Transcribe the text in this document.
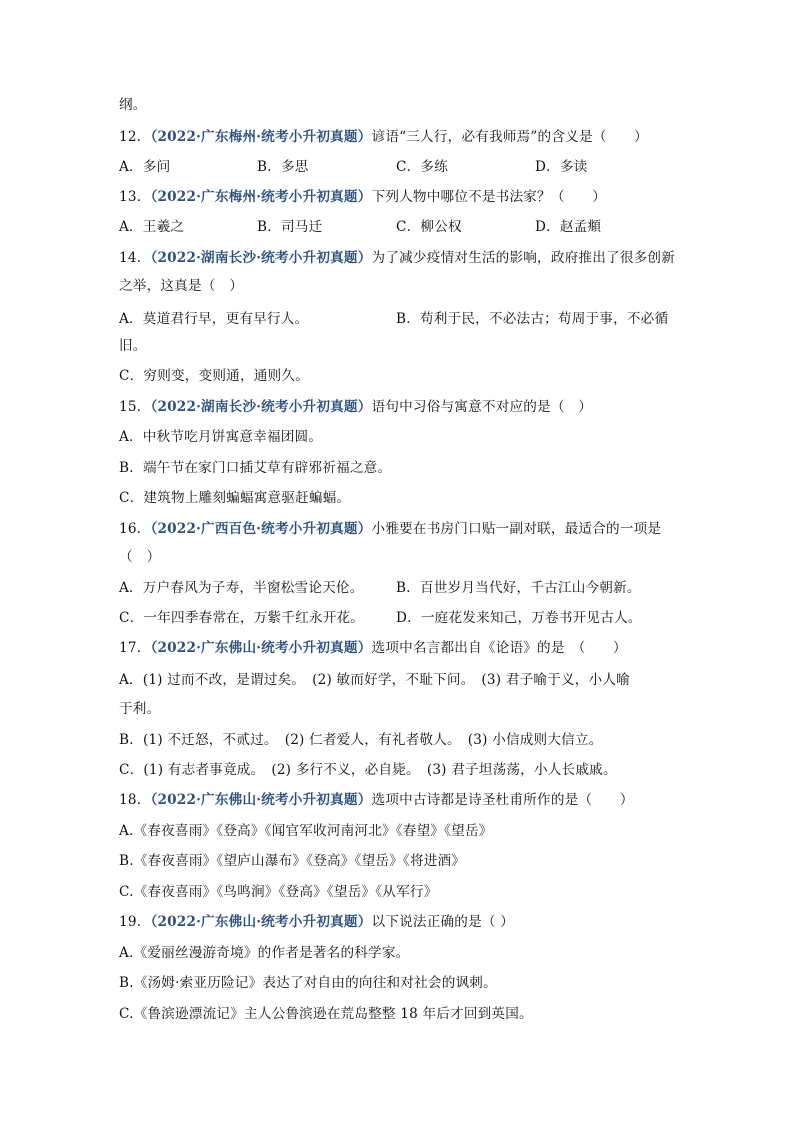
纲。
12．（2022·广东梅州·统考小升初真题）谚语“三人行，必有我师焉”的含义是（　　）
A．多问	B．多思	C．多练	D．多读
13．（2022·广东梅州·统考小升初真题）下列人物中哪位不是书法家？（　　）
A．王羲之	B．司马迁	C．柳公权	D．赵孟頫
14．（2022·湖南长沙·统考小升初真题）为了减少疫情对生活的影响，政府推出了很多创新
之举，这真是（　）
A．莫道君行早，更有早行人。	B．苟利于民，不必法古；苟周于事，不必循
旧。
C．穷则变，变则通，通则久。
15．（2022·湖南长沙·统考小升初真题）语句中习俗与寓意不对应的是（　）
A．中秋节吃月饼寓意幸福团圆。
B．端午节在家门口插艾草有辟邪祈福之意。
C．建筑物上雕刻蝙蝠寓意驱赶蝙蝠。
16．（2022·广西百色·统考小升初真题）小雅要在书房门口贴一副对联，最适合的一项是
（　）
A．万户春风为子寿，半窗松雪论天伦。 B．百世岁月当代好，千古江山今朝新。
C．一年四季春常在，万紫千红永开花。 D．一庭花发来知己，万卷书开见古人。
17．（2022·广东佛山·统考小升初真题）选项中名言都出自《论语》的是　（　　）
A．(1) 过而不改，是谓过矣。　(2) 敏而好学，不耻下问。　(3) 君子喻于义，小人喻
于利。
B．(1) 不迁怒，不贰过。　(2) 仁者爱人，有礼者敬人。　(3) 小信成则大信立。
C．(1) 有志者事竟成。　(2) 多行不义，必自毙。　(3) 君子坦荡荡，小人长戚戚。
18．（2022·广东佛山·统考小升初真题）选项中古诗都是诗圣杜甫所作的是（　　）
A.《春夜喜雨》《登高》《闻官军收河南河北》《春望》《望岳》
B.《春夜喜雨》《望庐山瀑布》《登高》《望岳》《将进酒》
C.《春夜喜雨》《鸟鸣涧》《登高》《望岳》《从军行》
19．（2022·广东佛山·统考小升初真题）以下说法正确的是（ ）
A.《爱丽丝漫游奇境》的作者是著名的科学家。
B.《汤姆·索亚历险记》表达了对自由的向往和对社会的讽刺。
C.《鲁滨逊漂流记》主人公鲁滨逊在荒岛整整 18 年后才回到英国。
